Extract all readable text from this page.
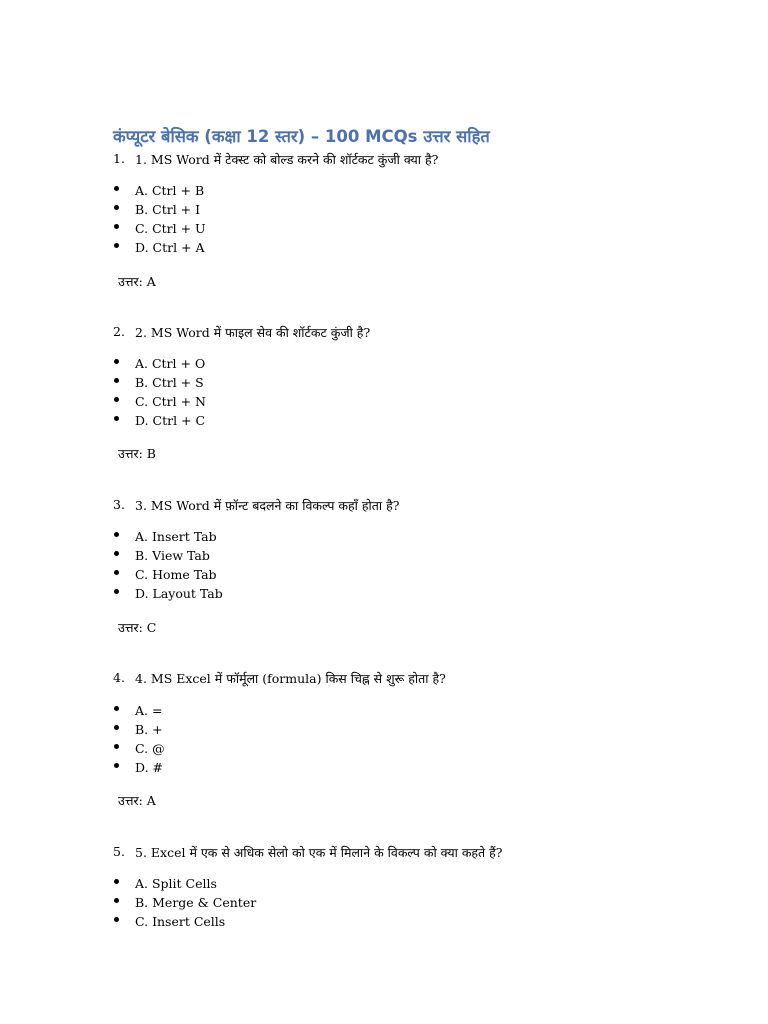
कंप्यूटर बेसिक (कक्षा 12 स्तर) – 100 MCQs उत्तर सहित
1. 1. MS Word में टेक्स्ट को बोल्ड करने की शॉर्टकट कुंजी क्या है?
A. Ctrl + B
B. Ctrl + I
C. Ctrl + U
D. Ctrl + A
उत्तर: A
2. 2. MS Word में फाइल सेव की शॉर्टकट कुंजी है?
A. Ctrl + O
B. Ctrl + S
C. Ctrl + N
D. Ctrl + C
उत्तर: B
3. 3. MS Word में फ़ॉन्ट बदलने का विकल्प कहाँ होता है?
A. Insert Tab
B. View Tab
C. Home Tab
D. Layout Tab
उत्तर: C
4. 4. MS Excel में फॉर्मूला (formula) किस चिह्न से शुरू होता है?
A. =
B. +
C. @
D. #
उत्तर: A
5. 5. Excel में एक से अधिक सेलो को एक में मिलाने के विकल्प को क्या कहते हैं?
A. Split Cells
B. Merge & Center
C. Insert Cells
